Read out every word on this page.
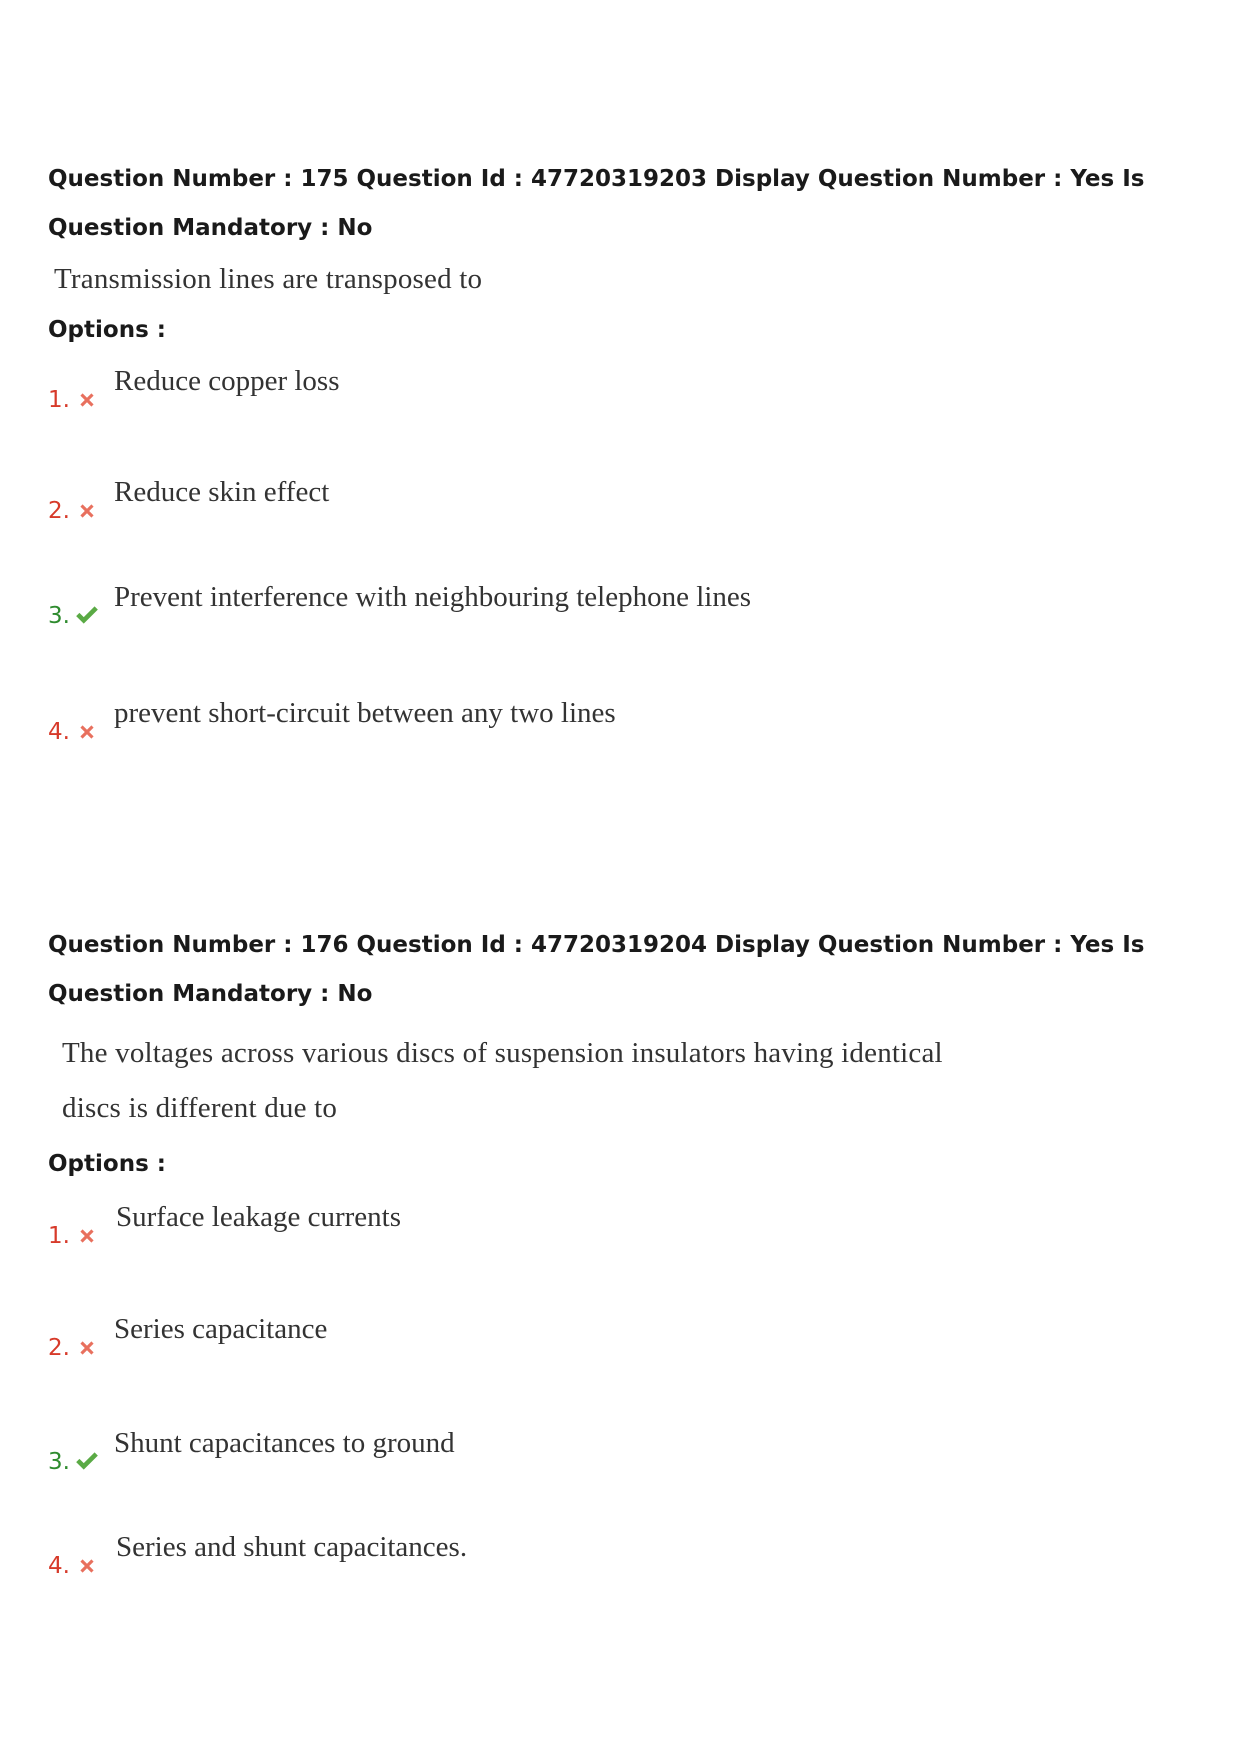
Question Number : 175 Question Id : 47720319203 Display Question Number : Yes Is Question Mandatory : No

Transmission lines are transposed to

Options :

1.
Reduce copper loss
2.
Reduce skin effect
3.
Prevent interference with neighbouring telephone lines
4.
prevent short-circuit between any two lines

Question Number : 176 Question Id : 47720319204 Display Question Number : Yes Is Question Mandatory : No

The voltages across various discs of suspension insulators having identical

discs is different due to

Options :

1.
Surface leakage currents
2.
Series capacitance
3.
Shunt capacitances to ground
4.
Series and shunt capacitances.
